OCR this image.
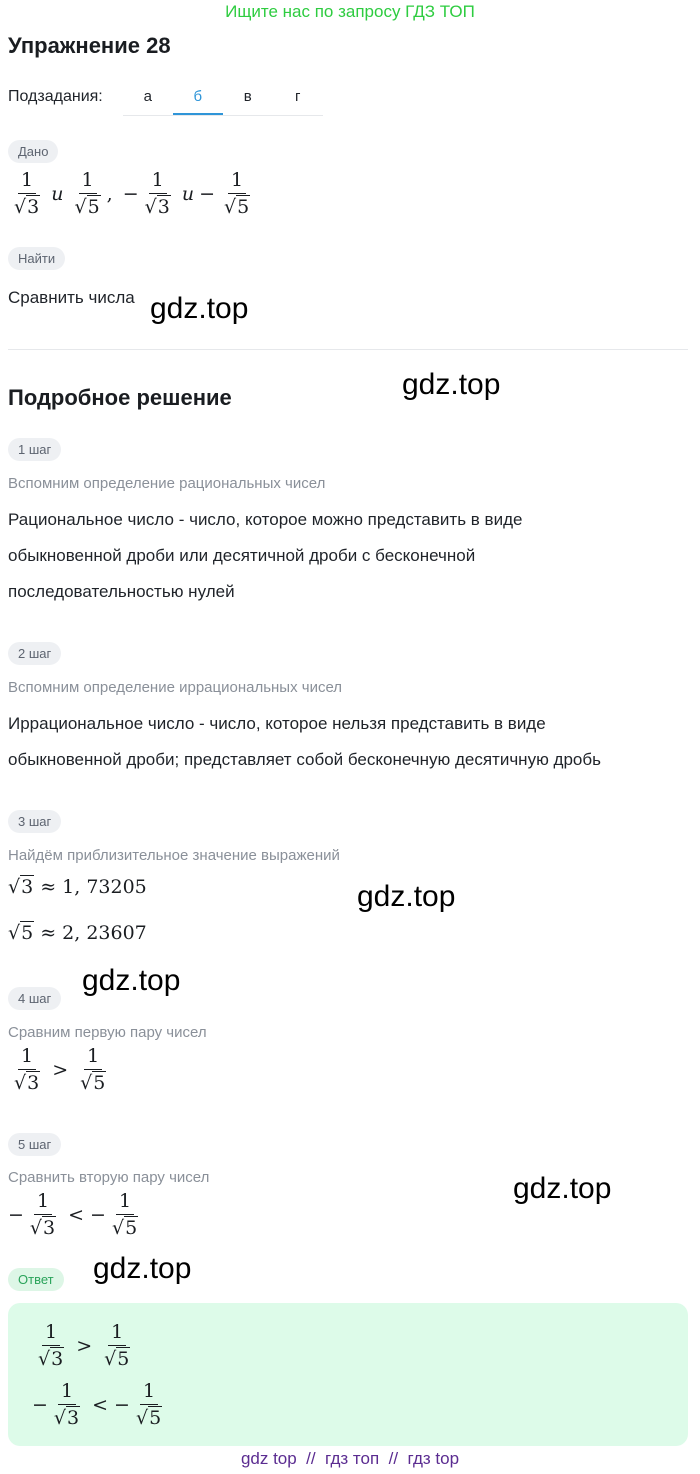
Ищите нас по запросу ГДЗ ТОП
Упражнение 28
Подзадания:	а	б	в	г
Дано
$\frac{1}{√3}$ и $\frac{1}{√5}$ , − $\frac{1}{√3}$ $и - \frac{1}{√5}$
Найти
Сравнить числа gdz.top
Подробное решение	gdz.top
1 шаг
Вспомним определение рациональных чисел
Рациональное число - число, которое можно представить в виде
обыкновенной дроби или десятичной дроби с бесконечной
последовательностью нулей
2 шаг
Вспомним определение иррациональных чисел
Иррациональное число - число, которое нельзя представить в виде
обыкновенной дроби; представляет собой бесконечную десятичную дробь
3 шаг
Найдём приблизительное значение выражений
√3 ≈ 1, 73205
√5 ≈ 2, 23607
gdz.top
gdz.top
4 шаг
Сравним первую пару чисел
$\frac{1}{√3} > \frac{1}{√5}$
5 шаг
Сравнить вторую пару чисел	gdz.top
− $\frac{1}{√3}$ < − $\frac{1}{√5}$
Ответ	gdz.top
$\frac{1}{√3} > \frac{1}{√5}$
− $\frac{1}{√3}$ < − $\frac{1}{√5}$
gdz top  //  гдз топ  //  гдз top
